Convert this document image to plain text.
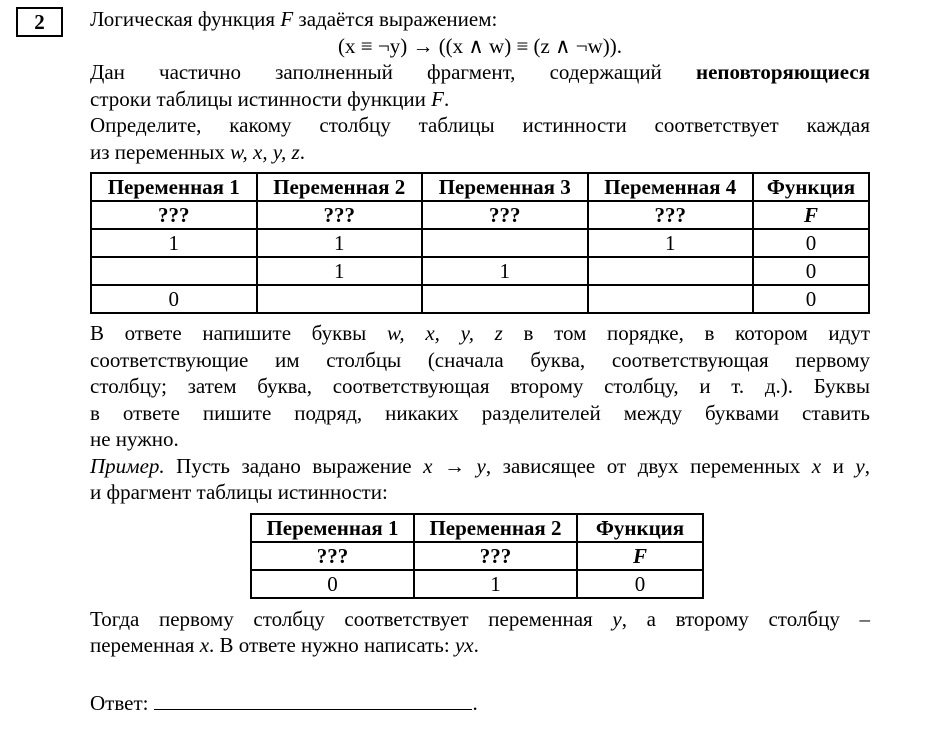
2	Логическая функция F задаётся выражением:

(x ≡ ¬y) → ((x ∧ w) ≡ (z ∧ ¬w)).

Дан частично заполненный фрагмент, содержащий неповторяющиеся

строки таблицы истинности функции F.

Определите, какому столбцу таблицы истинности соответствует каждая

из переменных w, x, y, z.

Переменная 1	Переменная 2	Переменная 3	Переменная 4	Функция
???	???	???	???	F
1	1		1	0
	1	1		0
0				0

В ответе напишите буквы w, x, y, z в том порядке, в котором идут

соответствующие им столбцы (сначала буква, соответствующая первому

столбцу; затем буква, соответствующая второму столбцу, и т. д.). Буквы

в ответе пишите подряд, никаких разделителей между буквами ставить

не нужно.

Пример. Пусть задано выражение x → y, зависящее от двух переменных x и y,

и фрагмент таблицы истинности:

Переменная 1	Переменная 2	Функция
???	???	F
0	1	0

Тогда первому столбцу соответствует переменная y, а второму столбцу –

переменная x. В ответе нужно написать: yx.

Ответ:	.
